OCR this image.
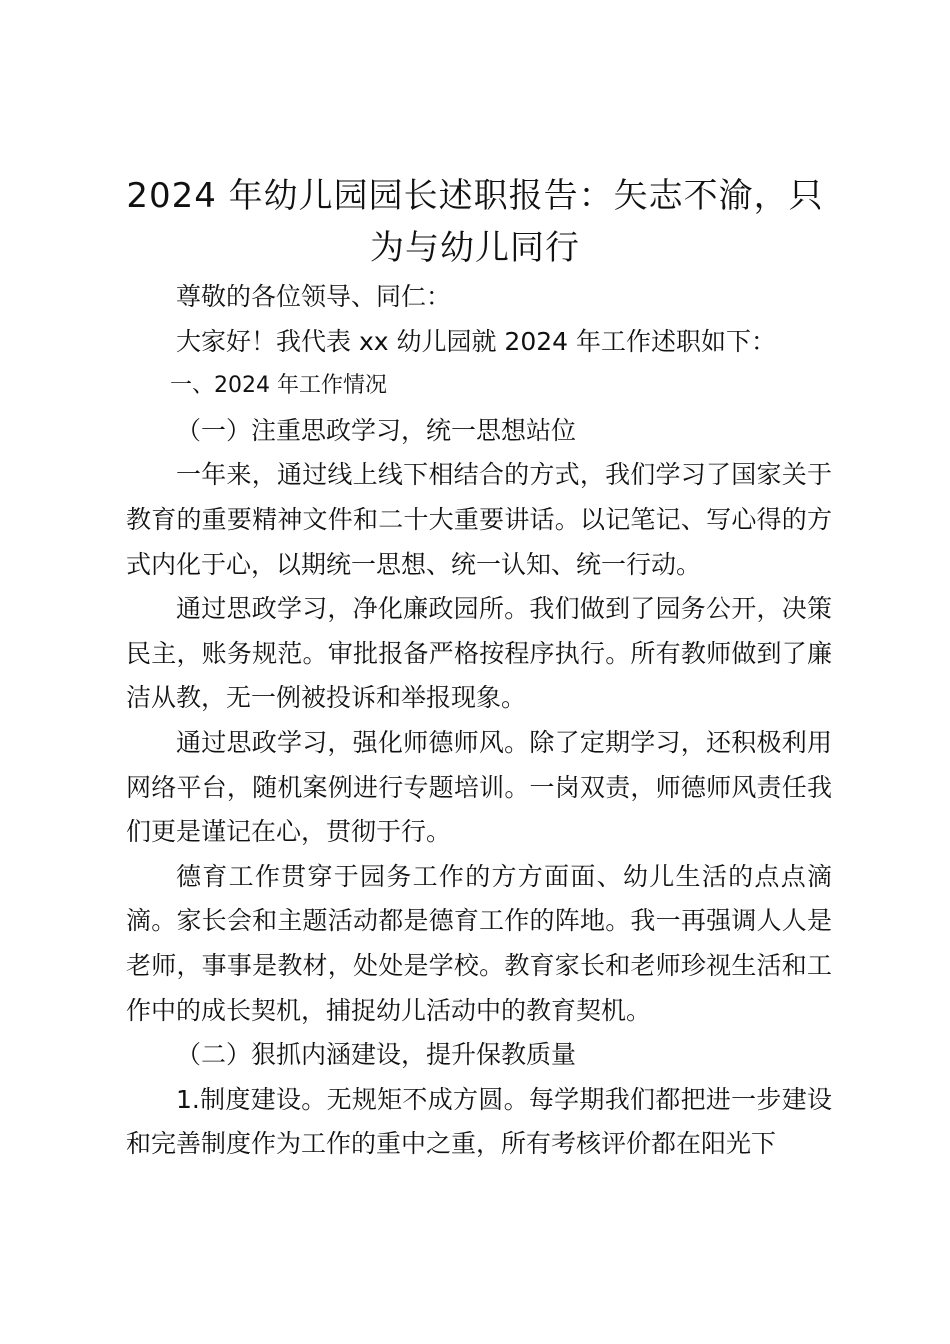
2024 年幼儿园园长述职报告：矢志不渝，只为与幼儿同行

尊敬的各位领导、同仁：

大家好！我代表 xx 幼儿园就 2024 年工作述职如下：

一、2024 年工作情况

（一）注重思政学习，统一思想站位

一年来，通过线上线下相结合的方式，我们学习了国家关于教育的重要精神文件和二十大重要讲话。以记笔记、写心得的方式内化于心，以期统一思想、统一认知、统一行动。

通过思政学习，净化廉政园所。我们做到了园务公开，决策民主，账务规范。审批报备严格按程序执行。所有教师做到了廉洁从教，无一例被投诉和举报现象。

通过思政学习，强化师德师风。除了定期学习，还积极利用网络平台，随机案例进行专题培训。一岗双责，师德师风责任我们更是谨记在心，贯彻于行。

德育工作贯穿于园务工作的方方面面、幼儿生活的点点滴滴。家长会和主题活动都是德育工作的阵地。我一再强调人人是老师，事事是教材，处处是学校。教育家长和老师珍视生活和工作中的成长契机，捕捉幼儿活动中的教育契机。

（二）狠抓内涵建设，提升保教质量

1.制度建设。无规矩不成方圆。每学期我们都把进一步建设和完善制度作为工作的重中之重，所有考核评价都在阳光下
